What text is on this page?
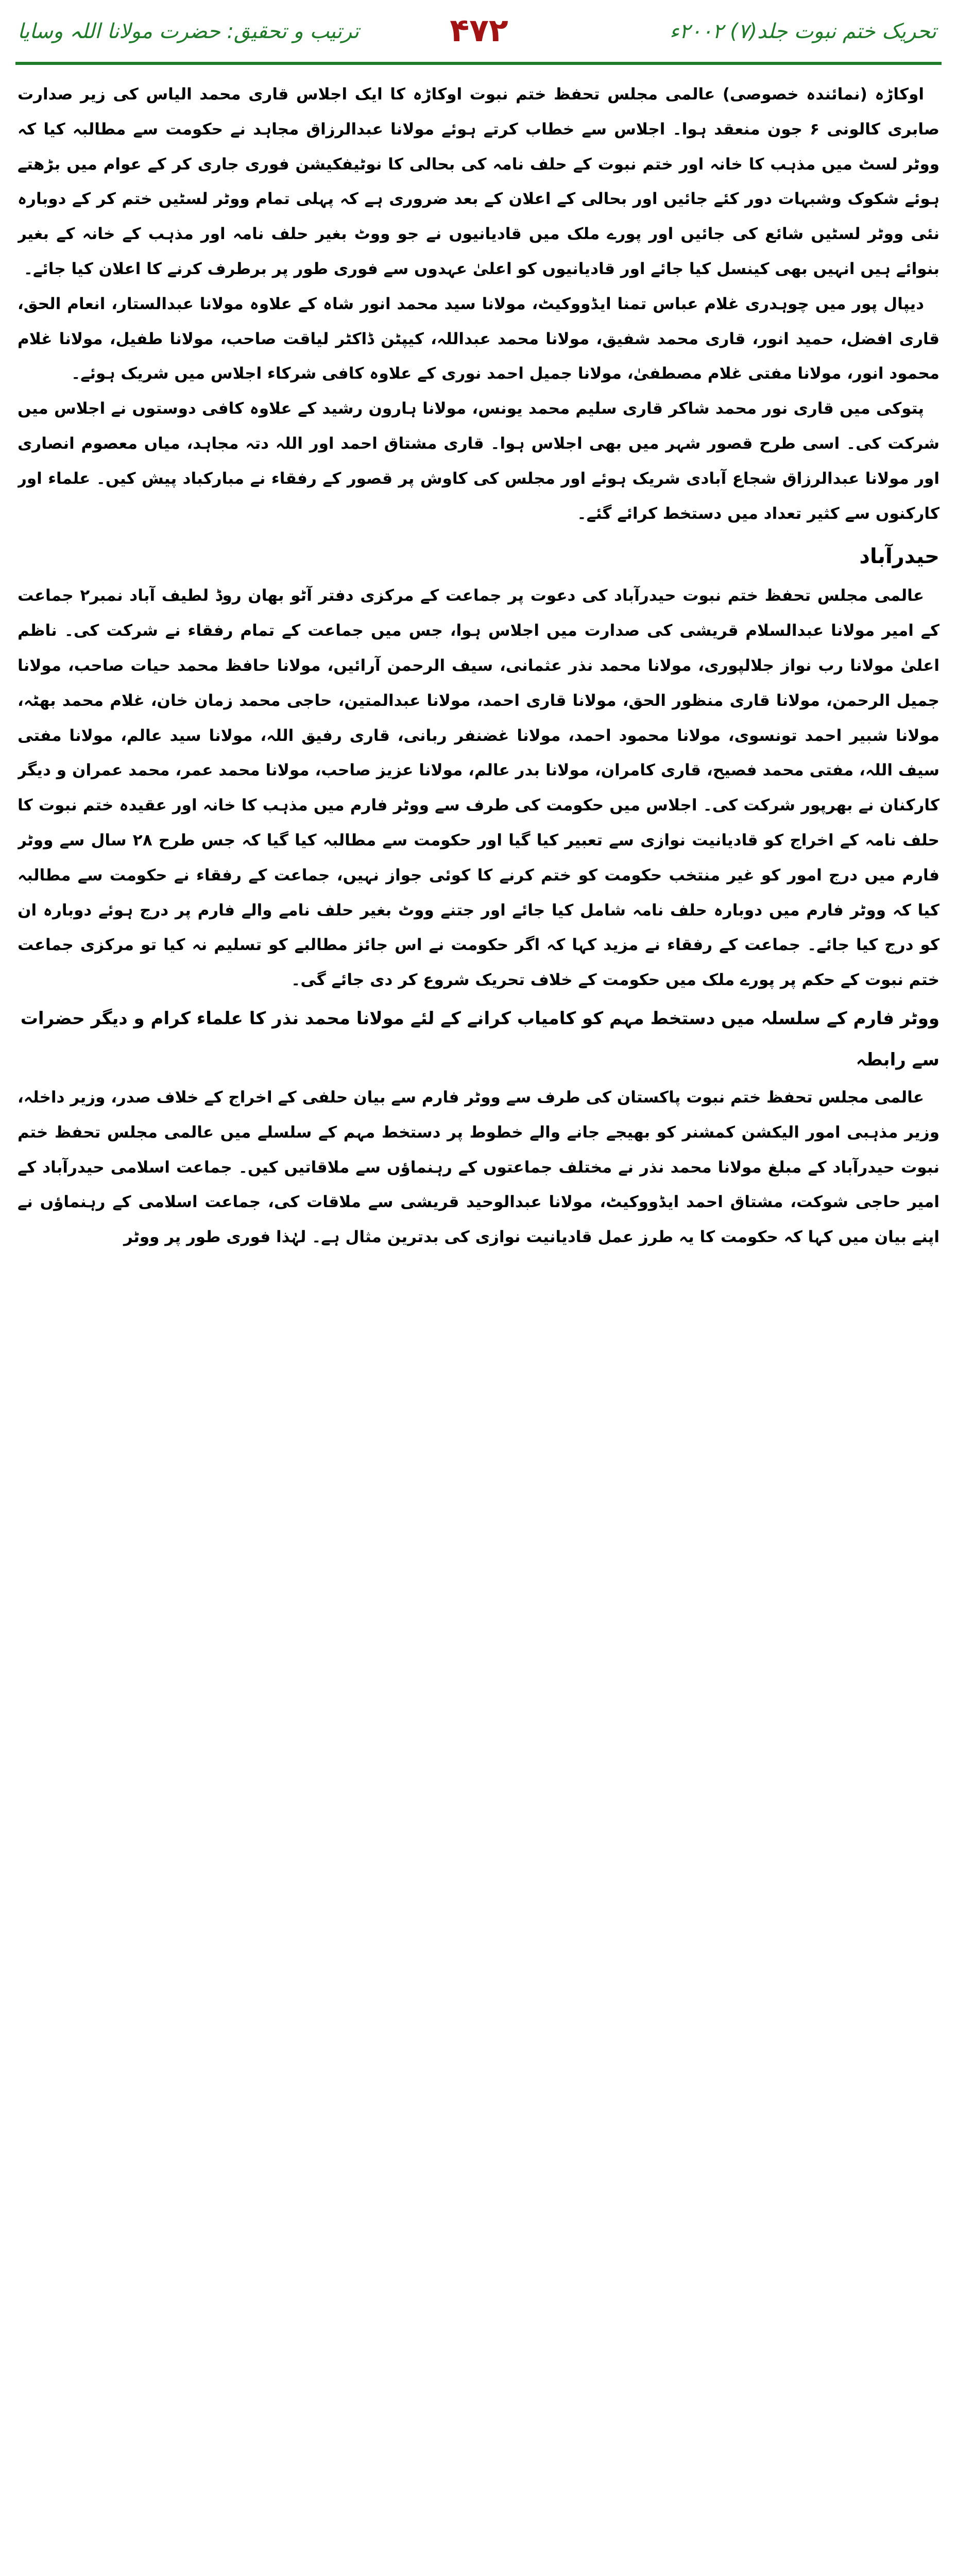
تحریک ختم نبوت جلد(۷) ۲۰۰۲ء
۴۷۲
ترتیب و تحقیق: حضرت مولانا اللہ وسایا

اوکاڑہ (نمائندہ خصوصی) عالمی مجلس تحفظ ختم نبوت اوکاڑہ کا ایک اجلاس قاری محمد الیاس کی زیر صدارت صابری کالونی ۶ جون منعقد ہوا۔ اجلاس سے خطاب کرتے ہوئے مولانا عبدالرزاق مجاہد نے حکومت سے مطالبہ کیا کہ ووٹر لسٹ میں مذہب کا خانہ اور ختم نبوت کے حلف نامہ کی بحالی کا نوٹیفکیشن فوری جاری کر کے عوام میں بڑھتے ہوئے شکوک وشبہات دور کئے جائیں اور بحالی کے اعلان کے بعد ضروری ہے کہ پہلی تمام ووٹر لسٹیں ختم کر کے دوبارہ نئی ووٹر لسٹیں شائع کی جائیں اور پورے ملک میں قادیانیوں نے جو ووٹ بغیر حلف نامہ اور مذہب کے خانہ کے بغیر بنوائے ہیں انہیں بھی کینسل کیا جائے اور قادیانیوں کو اعلیٰ عہدوں سے فوری طور پر برطرف کرنے کا اعلان کیا جائے۔

دیپال پور میں چوہدری غلام عباس تمنا ایڈووکیٹ، مولانا سید محمد انور شاہ کے علاوہ مولانا عبدالستار، انعام الحق، قاری افضل، حمید انور، قاری محمد شفیق، مولانا محمد عبداللہ، کیپٹن ڈاکٹر لیاقت صاحب، مولانا طفیل، مولانا غلام محمود انور، مولانا مفتی غلام مصطفیٰ، مولانا جمیل احمد نوری کے علاوہ کافی شرکاء اجلاس میں شریک ہوئے۔

پتوکی میں قاری نور محمد شاکر قاری سلیم محمد یونس، مولانا ہارون رشید کے علاوہ کافی دوستوں نے اجلاس میں شرکت کی۔ اسی طرح قصور شہر میں بھی اجلاس ہوا۔ قاری مشتاق احمد اور اللہ دتہ مجاہد، میاں معصوم انصاری اور مولانا عبدالرزاق شجاع آبادی شریک ہوئے اور مجلس کی کاوش پر قصور کے رفقاء نے مبارکباد پیش کیں۔ علماء اور کارکنوں سے کثیر تعداد میں دستخط کرائے گئے۔

حیدرآباد

عالمی مجلس تحفظ ختم نبوت حیدرآباد کی دعوت پر جماعت کے مرکزی دفتر آٹو بھان روڈ لطیف آباد نمبر۲ جماعت کے امیر مولانا عبدالسلام قریشی کی صدارت میں اجلاس ہوا، جس میں جماعت کے تمام رفقاء نے شرکت کی۔ ناظم اعلیٰ مولانا رب نواز جلالپوری، مولانا محمد نذر عثمانی، سیف الرحمن آرائیں، مولانا حافظ محمد حیات صاحب، مولانا جمیل الرحمن، مولانا قاری منظور الحق، مولانا قاری احمد، مولانا عبدالمتین، حاجی محمد زمان خان، غلام محمد بھٹہ، مولانا شبیر احمد تونسوی، مولانا محمود احمد، مولانا غضنفر ربانی، قاری رفیق اللہ، مولانا سید عالم، مولانا مفتی سیف اللہ، مفتی محمد فصیح، قاری کامران، مولانا بدر عالم، مولانا عزیز صاحب، مولانا محمد عمر، محمد عمران و دیگر کارکنان نے بھرپور شرکت کی۔ اجلاس میں حکومت کی طرف سے ووٹر فارم میں مذہب کا خانہ اور عقیدہ ختم نبوت کا حلف نامہ کے اخراج کو قادیانیت نوازی سے تعبیر کیا گیا اور حکومت سے مطالبہ کیا گیا کہ جس طرح ۲۸ سال سے ووٹر فارم میں درج امور کو غیر منتخب حکومت کو ختم کرنے کا کوئی جواز نہیں، جماعت کے رفقاء نے حکومت سے مطالبہ کیا کہ ووٹر فارم میں دوبارہ حلف نامہ شامل کیا جائے اور جتنے ووٹ بغیر حلف نامے والے فارم پر درج ہوئے دوبارہ ان کو درج کیا جائے۔ جماعت کے رفقاء نے مزید کہا کہ اگر حکومت نے اس جائز مطالبے کو تسلیم نہ کیا تو مرکزی جماعت ختم نبوت کے حکم پر پورے ملک میں حکومت کے خلاف تحریک شروع کر دی جائے گی۔

ووٹر فارم کے سلسلہ میں دستخط مہم کو کامیاب کرانے کے لئے مولانا محمد نذر کا علماء کرام و دیگر حضرات سے رابطہ

عالمی مجلس تحفظ ختم نبوت پاکستان کی طرف سے ووٹر فارم سے بیان حلفی کے اخراج کے خلاف صدر، وزیر داخلہ، وزیر مذہبی امور الیکشن کمشنر کو بھیجے جانے والے خطوط پر دستخط مہم کے سلسلے میں عالمی مجلس تحفظ ختم نبوت حیدرآباد کے مبلغ مولانا محمد نذر نے مختلف جماعتوں کے رہنماؤں سے ملاقاتیں کیں۔ جماعت اسلامی حیدرآباد کے امیر حاجی شوکت، مشتاق احمد ایڈووکیٹ، مولانا عبدالوحید قریشی سے ملاقات کی، جماعت اسلامی کے رہنماؤں نے اپنے بیان میں کہا کہ حکومت کا یہ طرز عمل قادیانیت نوازی کی بدترین مثال ہے۔ لہٰذا فوری طور پر ووٹر
